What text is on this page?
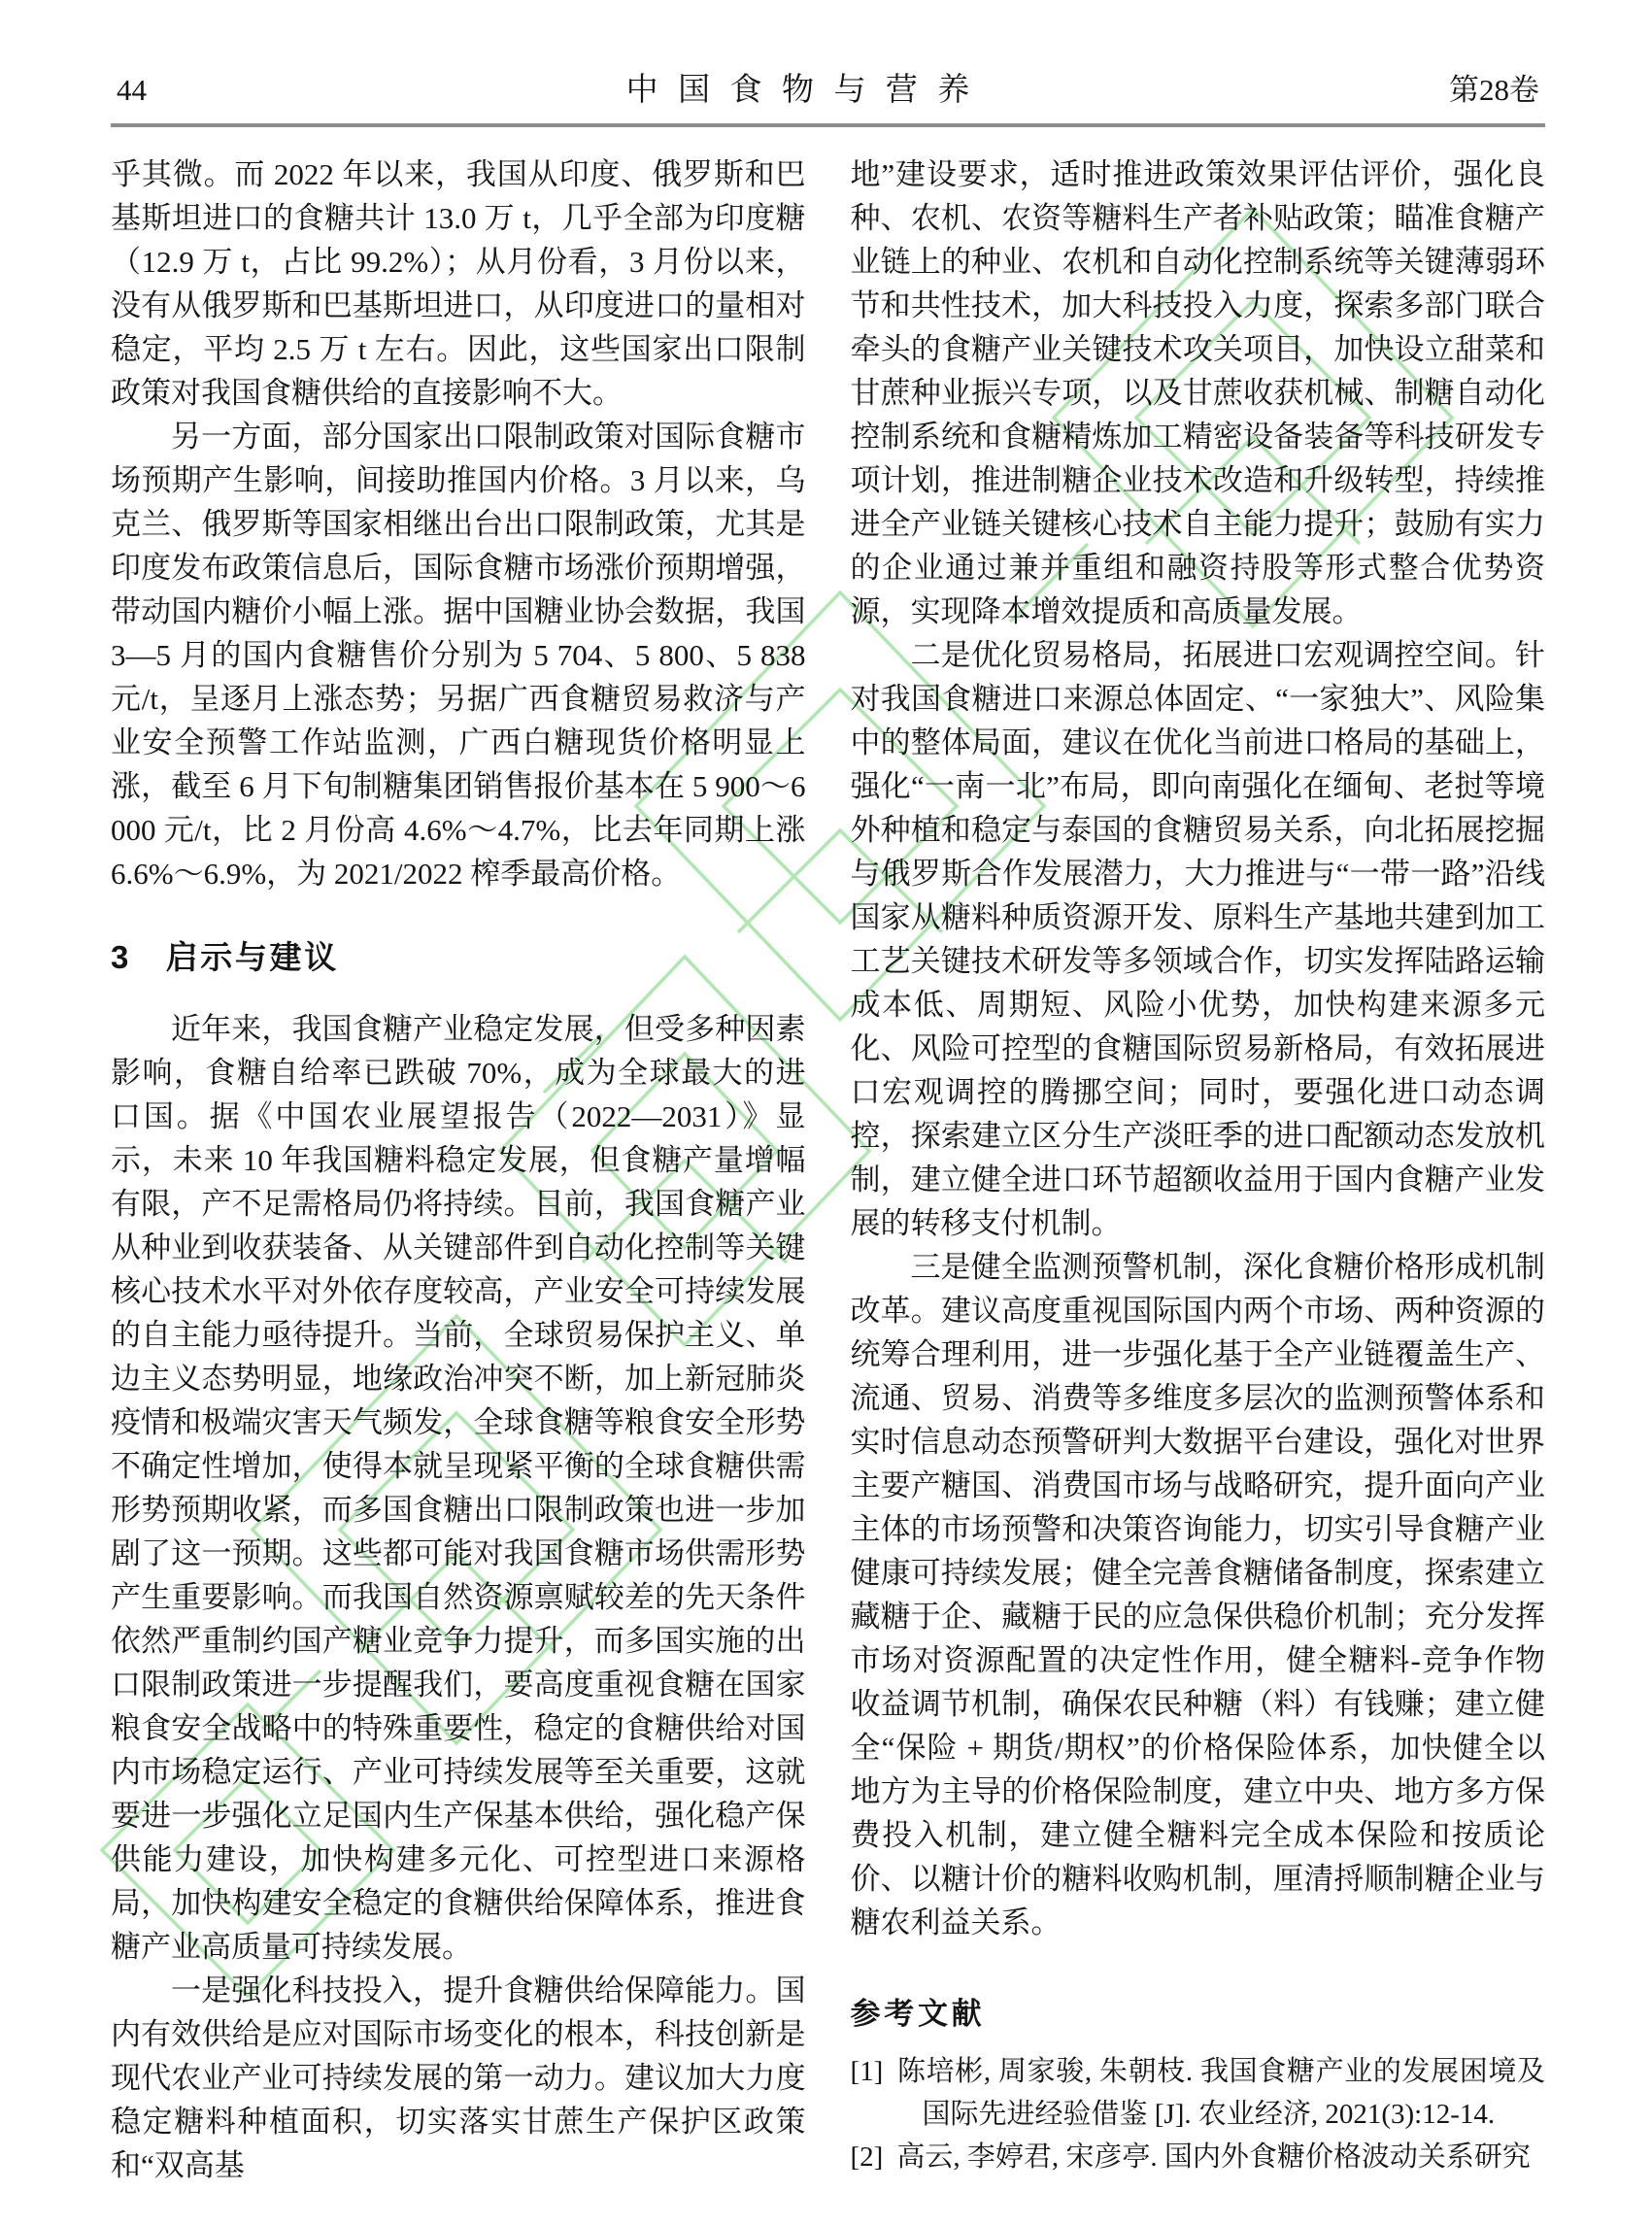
44	中国食物与营养	第28卷

乎其微。而 2022 年以来，我国从印度、俄罗斯和巴基斯坦进口的食糖共计 13.0 万 t，几乎全部为印度糖（12.9 万 t，占比 99.2%）；从月份看，3 月份以来，没有从俄罗斯和巴基斯坦进口，从印度进口的量相对稳定，平均 2.5 万 t 左右。因此，这些国家出口限制政策对我国食糖供给的直接影响不大。

另一方面，部分国家出口限制政策对国际食糖市场预期产生影响，间接助推国内价格。3 月以来，乌克兰、俄罗斯等国家相继出台出口限制政策，尤其是印度发布政策信息后，国际食糖市场涨价预期增强，带动国内糖价小幅上涨。据中国糖业协会数据，我国 3—5 月的国内食糖售价分别为 5 704、5 800、5 838 元/t，呈逐月上涨态势；另据广西食糖贸易救济与产业安全预警工作站监测，广西白糖现货价格明显上涨，截至 6 月下旬制糖集团销售报价基本在 5 900～6 000 元/t，比 2 月份高 4.6%～4.7%，比去年同期上涨 6.6%～6.9%，为 2021/2022 榨季最高价格。

3　启示与建议

近年来，我国食糖产业稳定发展，但受多种因素影响，食糖自给率已跌破 70%，成为全球最大的进口国。据《中国农业展望报告（2022—2031）》显示，未来 10 年我国糖料稳定发展，但食糖产量增幅有限，产不足需格局仍将持续。目前，我国食糖产业从种业到收获装备、从关键部件到自动化控制等关键核心技术水平对外依存度较高，产业安全可持续发展的自主能力亟待提升。当前，全球贸易保护主义、单边主义态势明显，地缘政治冲突不断，加上新冠肺炎疫情和极端灾害天气频发，全球食糖等粮食安全形势不确定性增加，使得本就呈现紧平衡的全球食糖供需形势预期收紧，而多国食糖出口限制政策也进一步加剧了这一预期。这些都可能对我国食糖市场供需形势产生重要影响。而我国自然资源禀赋较差的先天条件依然严重制约国产糖业竞争力提升，而多国实施的出口限制政策进一步提醒我们，要高度重视食糖在国家粮食安全战略中的特殊重要性，稳定的食糖供给对国内市场稳定运行、产业可持续发展等至关重要，这就要进一步强化立足国内生产保基本供给，强化稳产保供能力建设，加快构建多元化、可控型进口来源格局，加快构建安全稳定的食糖供给保障体系，推进食糖产业高质量可持续发展。

一是强化科技投入，提升食糖供给保障能力。国内有效供给是应对国际市场变化的根本，科技创新是现代农业产业可持续发展的第一动力。建议加大力度稳定糖料种植面积，切实落实甘蔗生产保护区政策和“双高基

地”建设要求，适时推进政策效果评估评价，强化良种、农机、农资等糖料生产者补贴政策；瞄准食糖产业链上的种业、农机和自动化控制系统等关键薄弱环节和共性技术，加大科技投入力度，探索多部门联合牵头的食糖产业关键技术攻关项目，加快设立甜菜和甘蔗种业振兴专项，以及甘蔗收获机械、制糖自动化控制系统和食糖精炼加工精密设备装备等科技研发专项计划，推进制糖企业技术改造和升级转型，持续推进全产业链关键核心技术自主能力提升；鼓励有实力的企业通过兼并重组和融资持股等形式整合优势资源，实现降本增效提质和高质量发展。

二是优化贸易格局，拓展进口宏观调控空间。针对我国食糖进口来源总体固定、“一家独大”、风险集中的整体局面，建议在优化当前进口格局的基础上，强化“一南一北”布局，即向南强化在缅甸、老挝等境外种植和稳定与泰国的食糖贸易关系，向北拓展挖掘与俄罗斯合作发展潜力，大力推进与“一带一路”沿线国家从糖料种质资源开发、原料生产基地共建到加工工艺关键技术研发等多领域合作，切实发挥陆路运输成本低、周期短、风险小优势，加快构建来源多元化、风险可控型的食糖国际贸易新格局，有效拓展进口宏观调控的腾挪空间；同时，要强化进口动态调控，探索建立区分生产淡旺季的进口配额动态发放机制，建立健全进口环节超额收益用于国内食糖产业发展的转移支付机制。

三是健全监测预警机制，深化食糖价格形成机制改革。建议高度重视国际国内两个市场、两种资源的统筹合理利用，进一步强化基于全产业链覆盖生产、流通、贸易、消费等多维度多层次的监测预警体系和实时信息动态预警研判大数据平台建设，强化对世界主要产糖国、消费国市场与战略研究，提升面向产业主体的市场预警和决策咨询能力，切实引导食糖产业健康可持续发展；健全完善食糖储备制度，探索建立藏糖于企、藏糖于民的应急保供稳价机制；充分发挥市场对资源配置的决定性作用，健全糖料-竞争作物收益调节机制，确保农民种糖（料）有钱赚；建立健全“保险 + 期货/期权”的价格保险体系，加快健全以地方为主导的价格保险制度，建立中央、地方多方保费投入机制，建立健全糖料完全成本保险和按质论价、以糖计价的糖料收购机制，厘清捋顺制糖企业与糖农利益关系。

参考文献
[1] 陈培彬, 周家骏, 朱朝枝. 我国食糖产业的发展困境及国际先进经验借鉴 [J]. 农业经济, 2021(3):12-14.
[2] 高云, 李婷君, 宋彦亭. 国内外食糖价格波动关系研究
